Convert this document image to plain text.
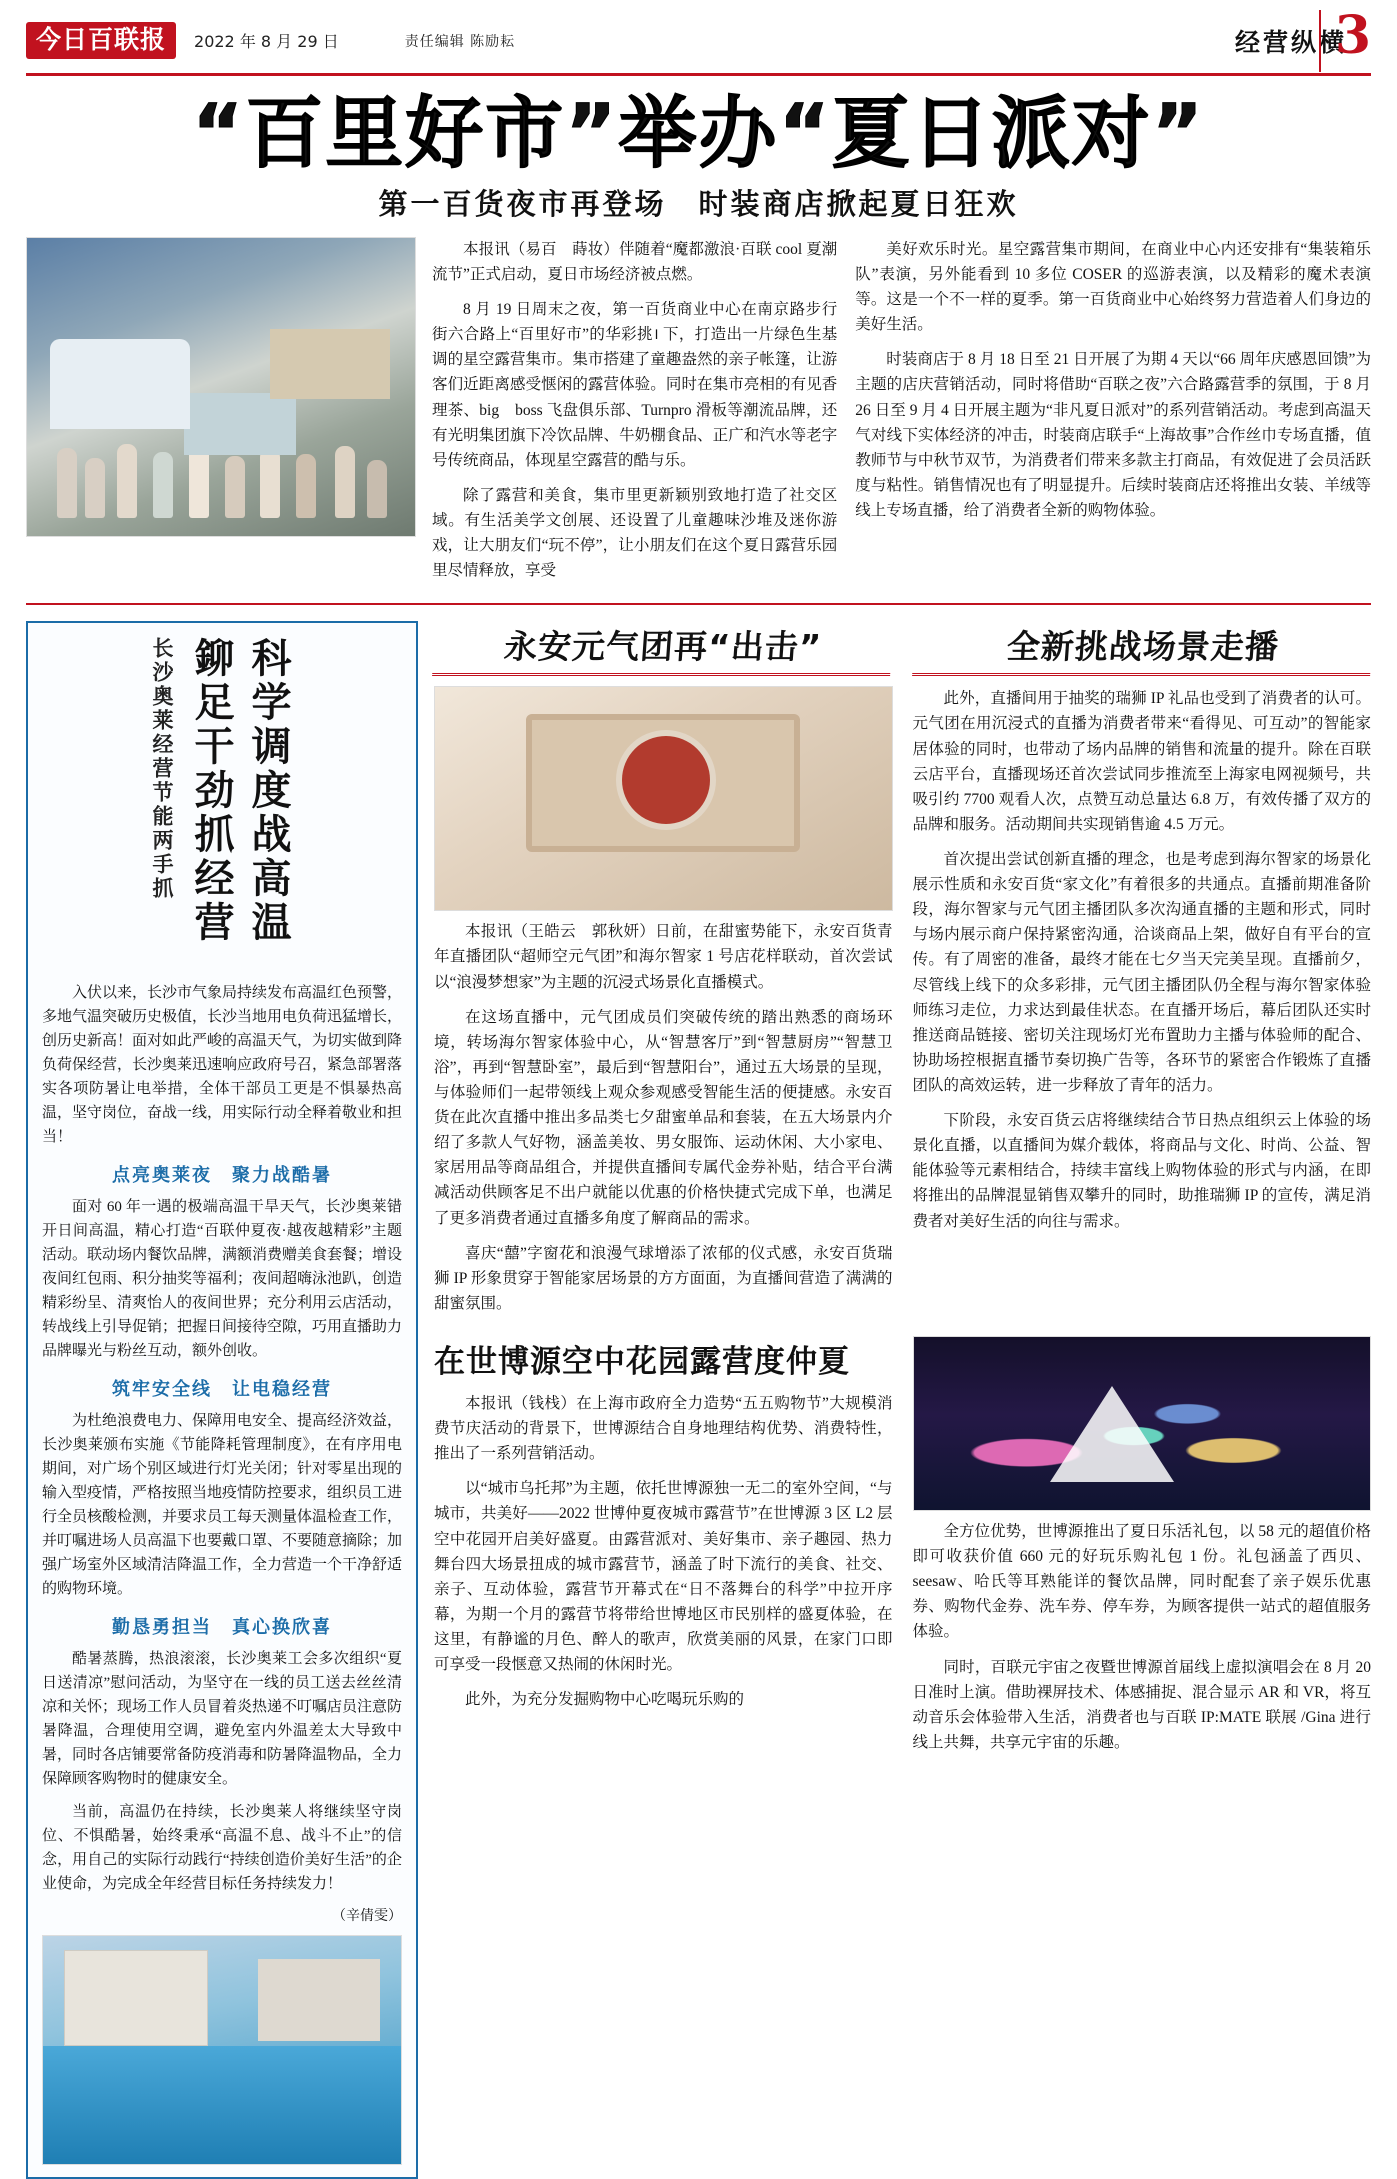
今日百联报	2022 年 8 月 29 日	责任编辑 陈励耘	经营纵横
3
“百里好市”举办“夏日派对”
第一百货夜市再登场　时装商店掀起夏日狂欢

本报讯（易百　蒔妆）伴随着“魔都激浪·百联 cool 夏潮流节”正式启动，夏日市场经济被点燃。

8 月 19 日周末之夜，第一百货商业中心在南京路步行街六合路上“百里好市”的华彩挑। 下，打造出一片绿色生基调的星空露营集市。集市搭建了童趣盎然的亲子帐篷，让游客们近距离感受惬闲的露营体验。同时在集市亮相的有见香理茶、big　boss 飞盘俱乐部、Turnpro 滑板等潮流品牌，还有光明集团旗下冷饮品牌、牛奶棚食品、正广和汽水等老字号传统商品，体现星空露营的酷与乐。

除了露营和美食，集市里更新颖别致地打造了社交区域。有生活美学文创展、还设置了儿童趣味沙堆及迷你游戏，让大朋友们“玩不停”，让小朋友们在这个夏日露营乐园里尽情释放，享受

美好欢乐时光。星空露营集市期间，在商业中心内还安排有“集装箱乐队”表演，另外能看到 10 多位 COSER 的巡游表演，以及精彩的魔术表演等。这是一个不一样的夏季。第一百货商业中心始终努力营造着人们身边的美好生活。

时装商店于 8 月 18 日至 21 日开展了为期 4 天以“66 周年庆感恩回馈”为主题的店庆营销活动，同时将借助“百联之夜”六合路露营季的氛围，于 8 月 26 日至 9 月 4 日开展主题为“非凡夏日派对”的系列营销活动。考虑到高温天气对线下实体经济的冲击，时装商店联手“上海故事”合作丝巾专场直播，值教师节与中秋节双节，为消费者们带来多款主打商品，有效促进了会员活跃度与粘性。销售情况也有了明显提升。后续时装商店还将推出女装、羊绒等线上专场直播，给了消费者全新的购物体验。

科学调度战高温 鉚足干劲抓经营
长沙奥莱经营节能两手抓

入伏以来，长沙市气象局持续发布高温红色预警，多地气温突破历史极值，长沙当地用电负荷迅猛增长，创历史新高！面对如此严峻的高温天气，为切实做到降负荷保经营，长沙奥莱迅速响应政府号召，紧急部署落实各项防暑让电举措，全体干部员工更是不惧暴热高温，坚守岗位，奋战一线，用实际行动全释着敬业和担当！

点亮奥莱夜　聚力战酷暑

面对 60 年一遇的极端高温干旱天气，长沙奥莱错开日间高温，精心打造“百联仲夏夜·越夜越精彩”主题活动。联动场内餐饮品牌，满额消费赠美食套餐；增设夜间红包雨、积分抽奖等福利；夜间超嗨泳池趴，创造精彩纷呈、清爽怡人的夜间世界；充分利用云店活动，转战线上引导促销；把握日间接待空隙，巧用直播助力品牌曝光与粉丝互动，额外创收。

筑牢安全线　让电稳经营

为杜绝浪费电力、保障用电安全、提高经济效益，长沙奥莱颁布实施《节能降耗管理制度》，在有序用电期间，对广场个别区域进行灯光关闭；针对零星出现的输入型疫情，严格按照当地疫情防控要求，组织员工进行全员核酸检测，并要求员工每天测量体温检查工作，并叮嘱进场人员高温下也要戴口罩、不要随意摘除；加强广场室外区域清洁降温工作，全力营造一个干净舒适的购物环境。

勤恳勇担当　真心换欣喜

酷暑蒸腾，热浪滚滚，长沙奥莱工会多次组织“夏日送清凉”慰问活动，为坚守在一线的员工送去丝丝清凉和关怀；现场工作人员冒着炎热递不叮嘱店员注意防暑降温，合理使用空调，避免室内外温差太大导致中暑，同时各店铺要常备防疫消毒和防暑降温物品，全力保障顾客购物时的健康安全。

当前，高温仍在持续，长沙奥莱人将继续坚守岗位、不惧酷暑，始终秉承“高温不息、战斗不止”的信念，用自己的实际行动践行“持续创造价美好生活”的企业使命，为完成全年经营目标任务持续发力！

（辛倩雯）
永安元气团再“出击”	全新挑战场景走播

本报讯（王皓云　郭秋妍）日前，在甜蜜势能下，永安百货青年直播团队“超师空元气团”和海尔智家 1 号店花样联动，首次尝试以“浪漫梦想家”为主题的沉浸式场景化直播模式。

在这场直播中，元气团成员们突破传统的踏出熟悉的商场环境，转场海尔智家体验中心，从“智慧客厅”到“智慧厨房”“智慧卫浴”，再到“智慧卧室”，最后到“智慧阳台”，通过五大场景的呈现，与体验师们一起带领线上观众参观感受智能生活的便捷感。永安百货在此次直播中推出多品类七夕甜蜜单品和套装，在五大场景内介绍了多款人气好物，涵盖美妆、男女服饰、运动休闲、大小家电、家居用品等商品组合，并提供直播间专属代金券补贴，结合平台满减活动供顾客足不出户就能以优惠的价格快捷式完成下单，也满足了更多消费者通过直播多角度了解商品的需求。

喜庆“囍”字窗花和浪漫气球增添了浓郁的仪式感，永安百货瑞狮 IP 形象贯穿于智能家居场景的方方面面，为直播间营造了满满的甜蜜氛围。

此外，直播间用于抽奖的瑞狮 IP 礼品也受到了消费者的认可。元气团在用沉浸式的直播为消费者带来“看得见、可互动”的智能家居体验的同时，也带动了场内品牌的销售和流量的提升。除在百联云店平台，直播现场还首次尝试同步推流至上海家电网视频号，共吸引约 7700 观看人次，点赞互动总量达 6.8 万，有效传播了双方的品牌和服务。活动期间共实现销售逾 4.5 万元。

首次提出尝试创新直播的理念，也是考虑到海尔智家的场景化展示性质和永安百货“家文化”有着很多的共通点。直播前期准备阶段，海尔智家与元气团主播团队多次沟通直播的主题和形式，同时与场内展示商户保持紧密沟通，洽谈商品上架，做好自有平台的宣传。有了周密的准备，最终才能在七夕当天完美呈现。直播前夕，尽管线上线下的众多彩排，元气团主播团队仍全程与海尔智家体验师练习走位，力求达到最佳状态。在直播开场后，幕后团队还实时推送商品链接、密切关注现场灯光布置助力主播与体验师的配合、协助场控根据直播节奏切换广告等，各环节的紧密合作锻炼了直播团队的高效运转，进一步释放了青年的活力。

下阶段，永安百货云店将继续结合节日热点组织云上体验的场景化直播，以直播间为媒介载体，将商品与文化、时尚、公益、智能体验等元素相结合，持续丰富线上购物体验的形式与内涵，在即将推出的品牌混显销售双攀升的同时，助推瑞狮 IP 的宣传，满足消费者对美好生活的向往与需求。

在世博源空中花园露营度仲夏

本报讯（钱栈）在上海市政府全力造势“五五购物节”大规模消费节庆活动的背景下，世博源结合自身地理结构优势、消费特性，推出了一系列营销活动。

以“城市乌托邦”为主题，依托世博源独一无二的室外空间，“与城市，共美好——2022 世博仲夏夜城市露营节”在世博源 3 区 L2 层空中花园开启美好盛夏。由露营派对、美好集市、亲子趣园、热力舞台四大场景扭成的城市露营节，涵盖了时下流行的美食、社交、亲子、互动体验，露营节开幕式在“日不落舞台的科学”中拉开序幕，为期一个月的露营节将带给世博地区市民别样的盛夏体验，在这里，有静谧的月色、醉人的歌声，欣赏美丽的风景，在家门口即可享受一段惬意又热闹的休闲时光。

此外，为充分发掘购物中心吃喝玩乐购的

全方位优势，世博源推出了夏日乐活礼包，以 58 元的超值价格即可收获价值 660 元的好玩乐购礼包 1 份。礼包涵盖了西贝、seesaw、哈氏等耳熟能详的餐饮品牌，同时配套了亲子娱乐优惠券、购物代金券、洗车券、停车券，为顾客提供一站式的超值服务体验。

同时，百联元宇宙之夜暨世博源首届线上虚拟演唱会在 8 月 20 日准时上演。借助裸屏技术、体感捕捉、混合显示 AR 和 VR，将互动音乐会体验带入生活，消费者也与百联 IP:MATE 联展 /Gina 进行线上共舞，共享元宇宙的乐趣。
